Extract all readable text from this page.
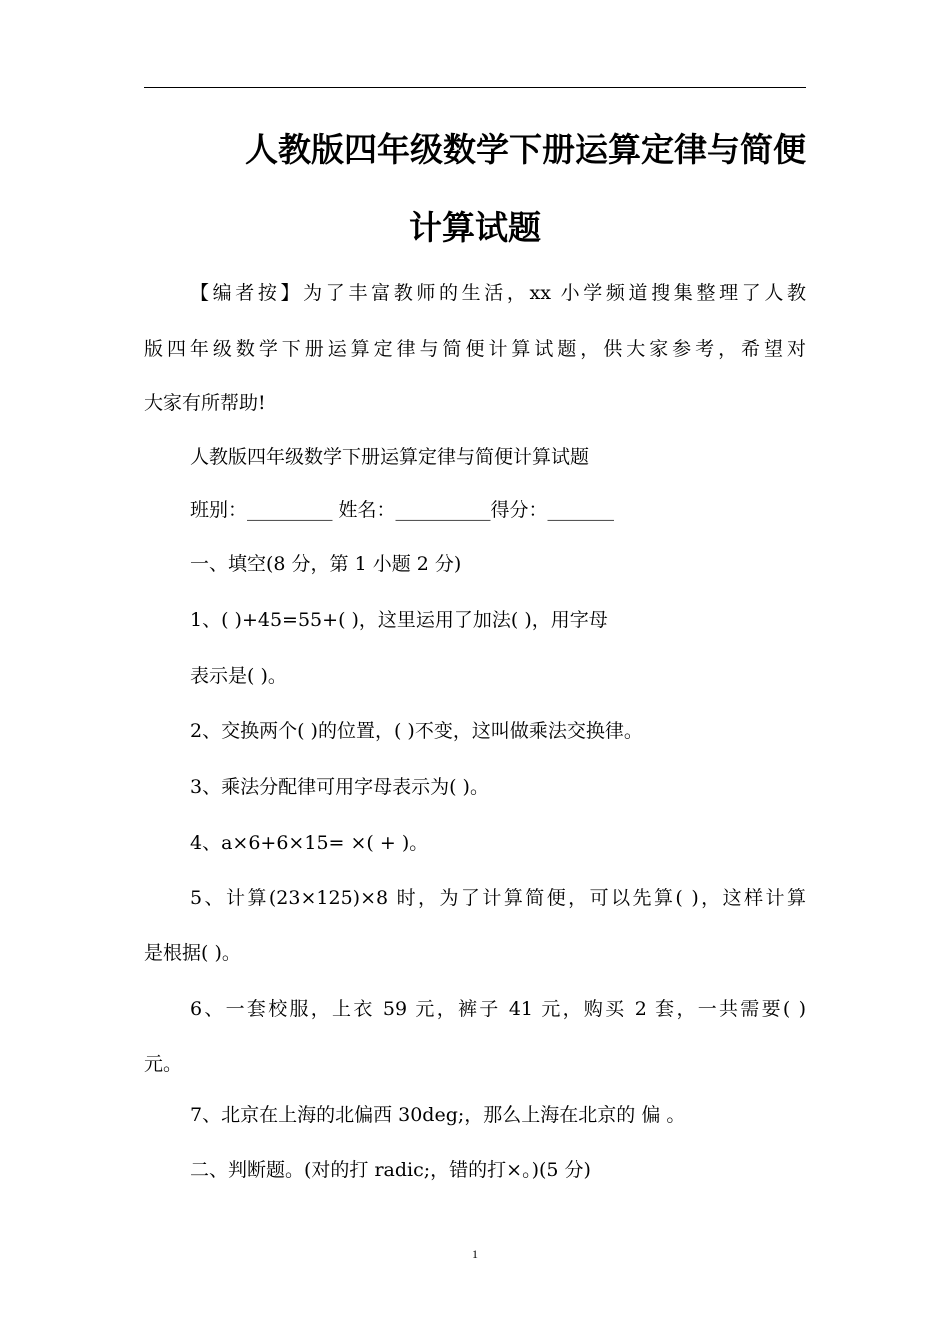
人教版四年级数学下册运算定律与简便
计算试题
【编者按】为了丰富教师的生活，xx 小学频道搜集整理了人教
版四年级数学下册运算定律与简便计算试题，供大家参考，希望对
大家有所帮助!
人教版四年级数学下册运算定律与简便计算试题
班别：_________ 姓名：__________得分：_______
一、填空(8 分，第 1 小题 2 分)
1、( )+45=55+( )，这里运用了加法( )，用字母
表示是( )。
2、交换两个( )的位置，( )不变，这叫做乘法交换律。
3、乘法分配律可用字母表示为( )。
4、a×6+6×15= ×( + )。
5、计算(23×125)×8 时，为了计算简便，可以先算( )，这样计算
是根据( )。
6、一套校服，上衣 59 元，裤子 41 元，购买 2 套，一共需要( )
元。
7、北京在上海的北偏西 30deg;，那么上海在北京的 偏 。
二、判断题。(对的打 radic;，错的打×。)(5 分)
1
